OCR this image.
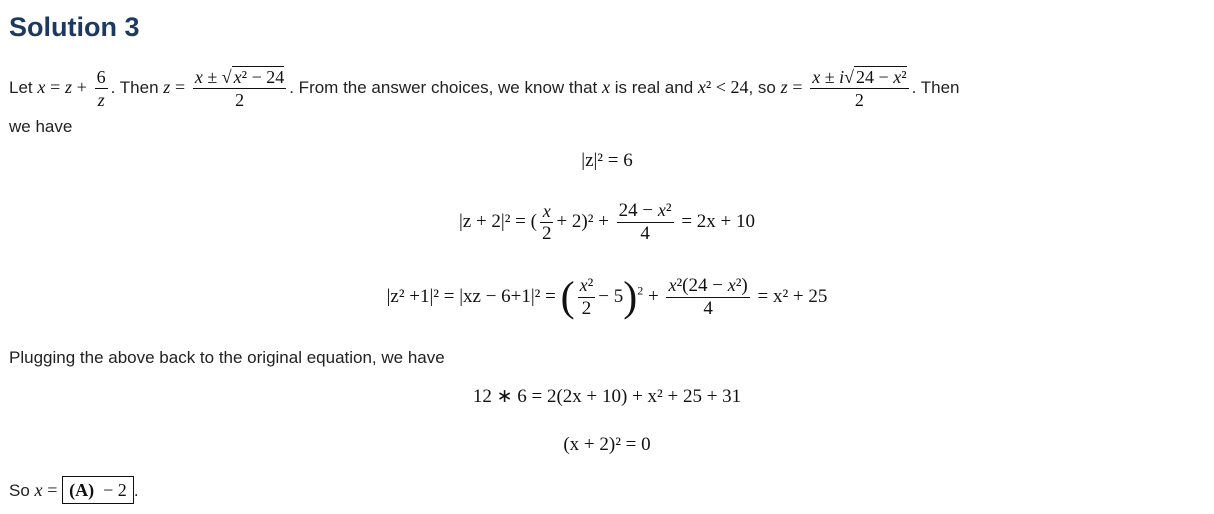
Solution 3
Let $x = z + \frac{6}{z}$ . Then $z = \frac{\text{x ± √ x² − 24}}{2}$ . From the answer choices, we know that x is real and x² < 24, so $z = \frac{\text{x ± i√ 24 − x²}}{2}$ . Then
we have
|z|² = 6
|z + 2|² = ( $\frac{x}{2} + 2)^2 + \frac{\text{24 − x²}}{4} = 2x + 10$
|z² +1|² = |xz − 6+1|² = ( $\frac{\text{x²}}{2} - 5)^2 + \frac{\text{x²(24 − x²)}}{4} = x^2 + 25$
Plugging the above back to the original equation, we have
12 ∗ 6 = 2(2x + 10) + x² + 25 + 31
(x + 2)² = 0
So x = (A) − 2 .
